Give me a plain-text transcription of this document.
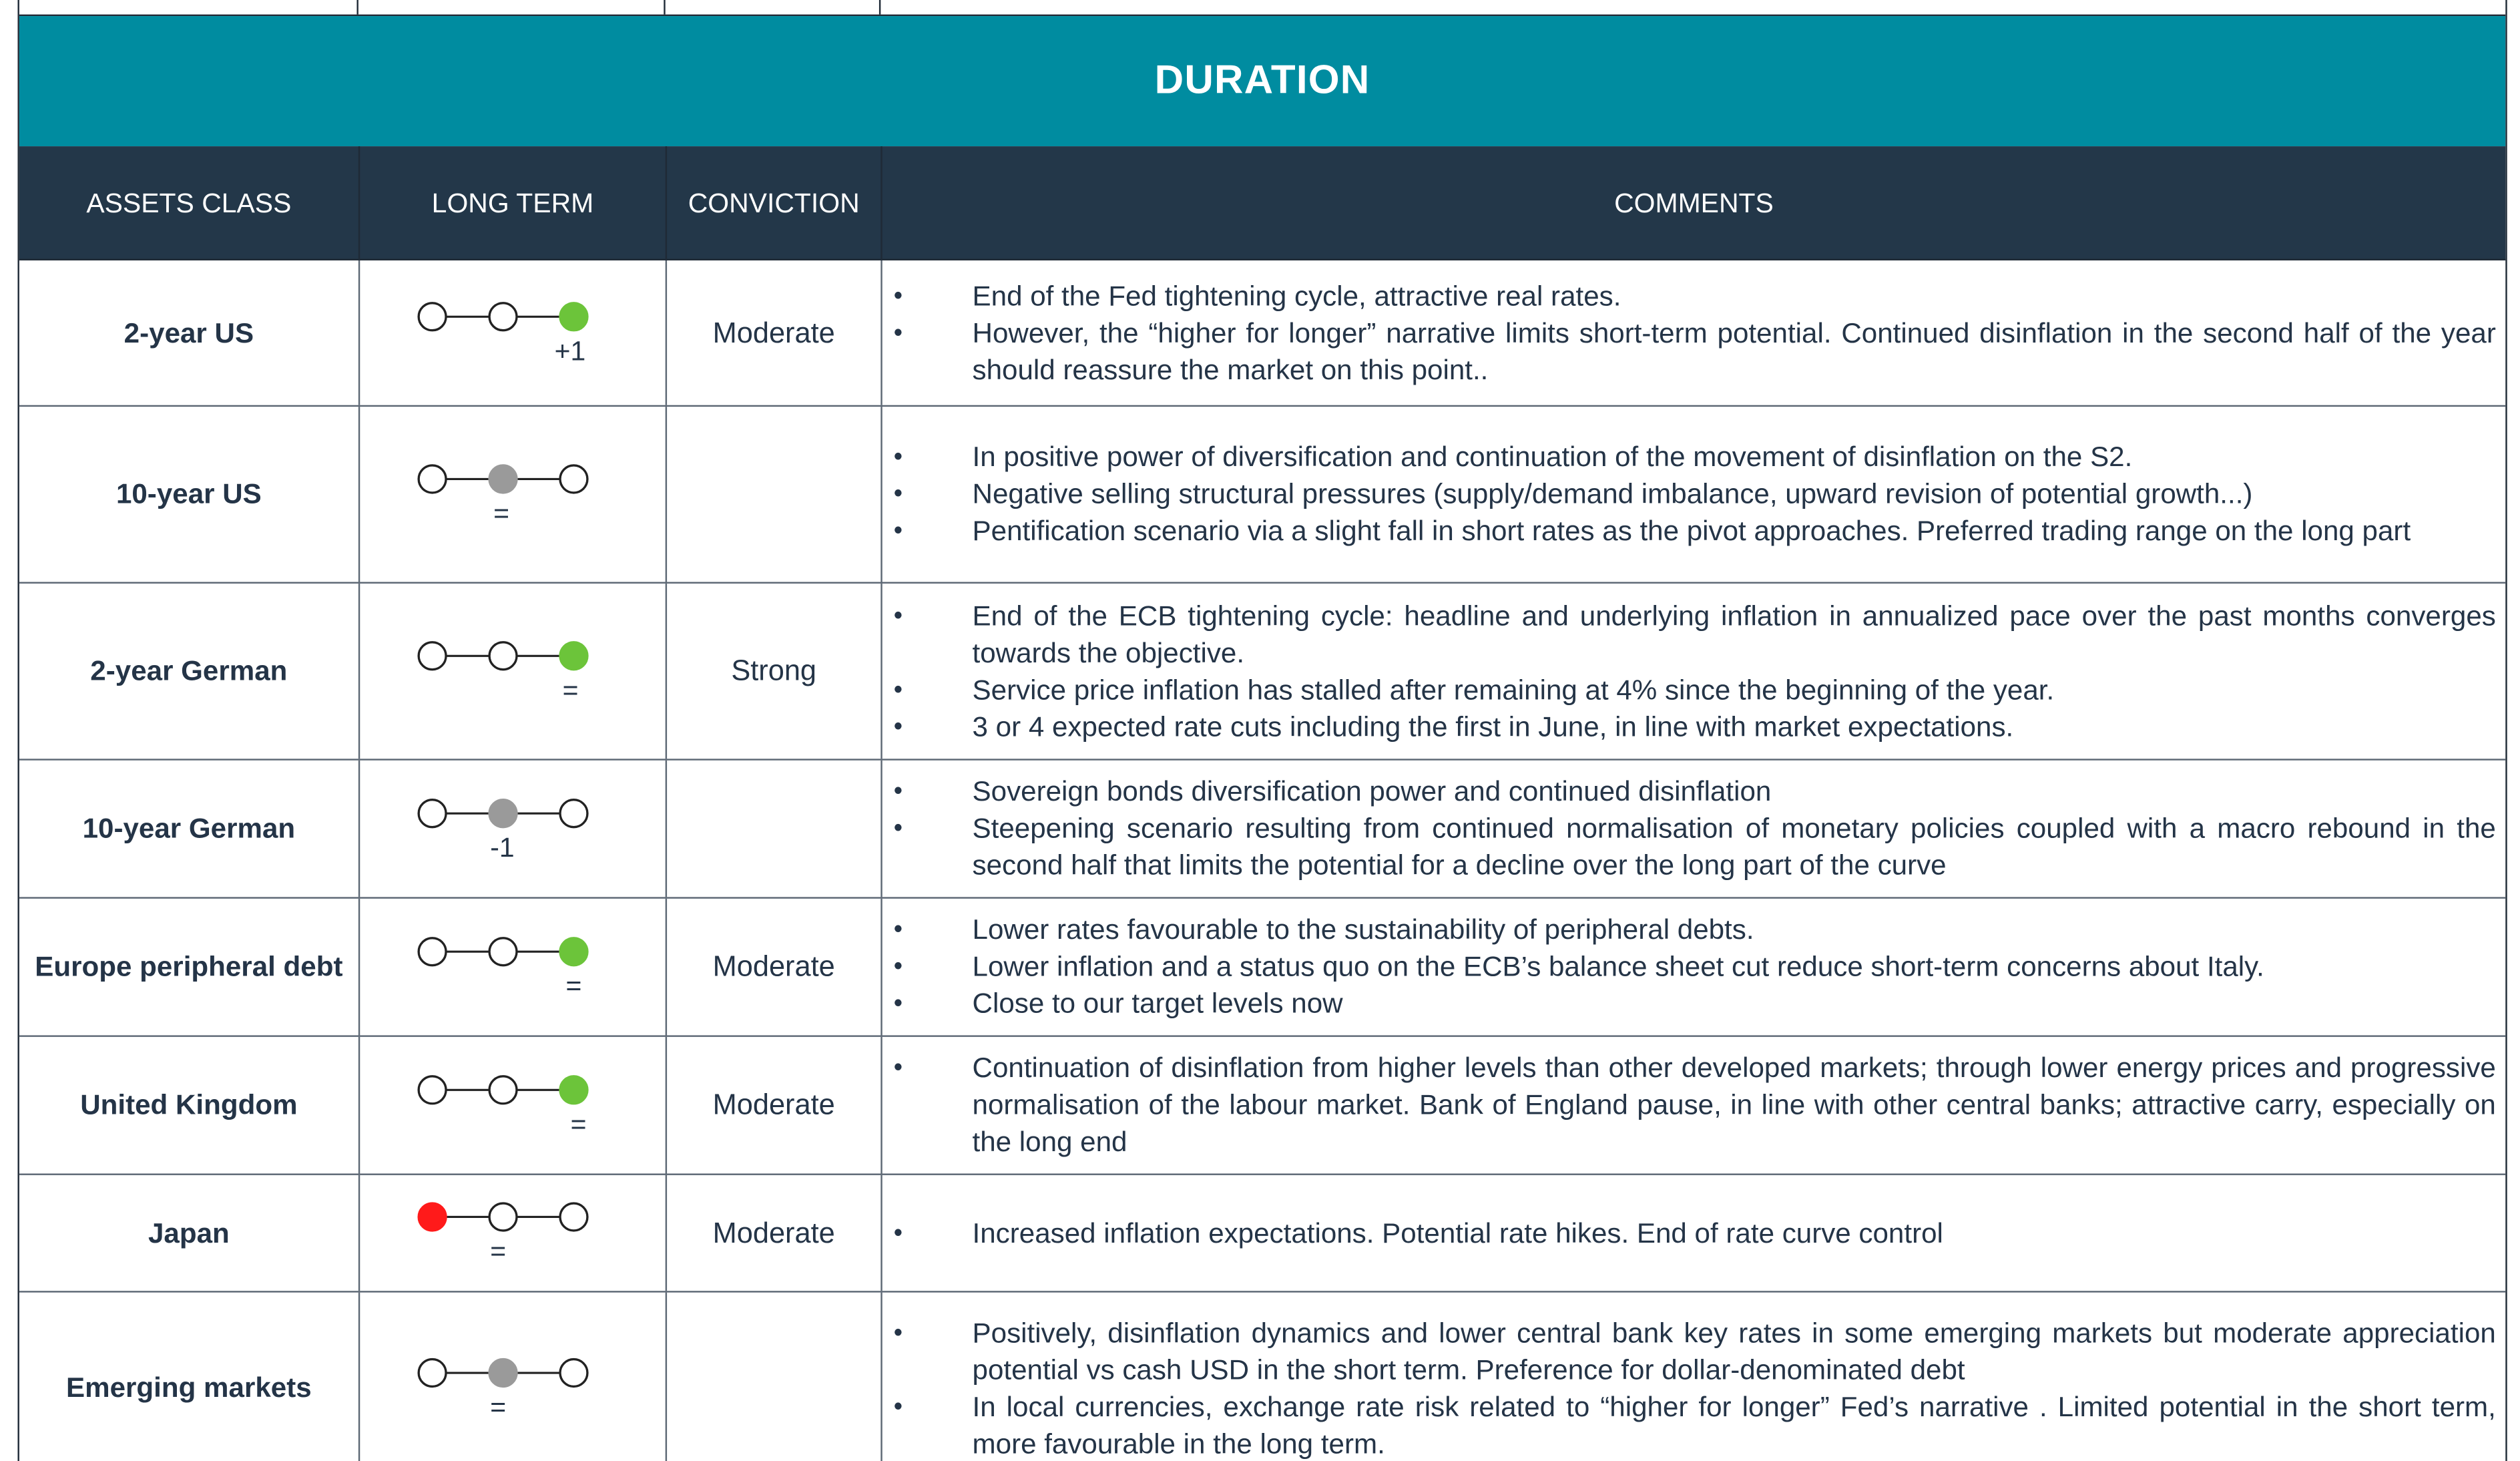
DURATION
ASSETS CLASS	LONG TERM	CONVICTION	COMMENTS
2-year US
+1
Moderate
• End of the Fed tightening cycle, attractive real rates.
• However, the “higher for longer” narrative limits short-term potential. Continued disinflation in the second half of the year should reassure the market on this point..
10-year US
=
• In positive power of diversification and continuation of the movement of disinflation on the S2.
• Negative selling structural pressures (supply/demand imbalance, upward revision of potential growth...)
• Pentification scenario via a slight fall in short rates as the pivot approaches. Preferred trading range on the long part
2-year German
=
Strong
• End of the ECB tightening cycle: headline and underlying inflation in annualized pace over the past months converges towards the objective.
• Service price inflation has stalled after remaining at 4% since the beginning of the year.
• 3 or 4 expected rate cuts including the first in June, in line with market expectations.
10-year German
-1
• Sovereign bonds diversification power and continued disinflation
• Steepening scenario resulting from continued normalisation of monetary policies coupled with a macro rebound in the second half that limits the potential for a decline over the long part of the curve
Europe peripheral debt
=
Moderate
• Lower rates favourable to the sustainability of peripheral debts.
• Lower inflation and a status quo on the ECB’s balance sheet cut reduce short-term concerns about Italy.
• Close to our target levels now
United Kingdom
=
Moderate
• Continuation of disinflation from higher levels than other developed markets; through lower energy prices and progressive normalisation of the labour market. Bank of England pause, in line with other central banks; attractive carry, especially on the long end
Japan
=
Moderate
•	Increased inflation expectations. Potential rate hikes. End of rate curve control
Emerging markets
=
• Positively, disinflation dynamics and lower central bank key rates in some emerging markets but moderate appreciation potential vs cash USD in the short term. Preference for dollar-denominated debt
• In local currencies, exchange rate risk related to “higher for longer” Fed’s narrative . Limited potential in the short term, more favourable in the long term.
